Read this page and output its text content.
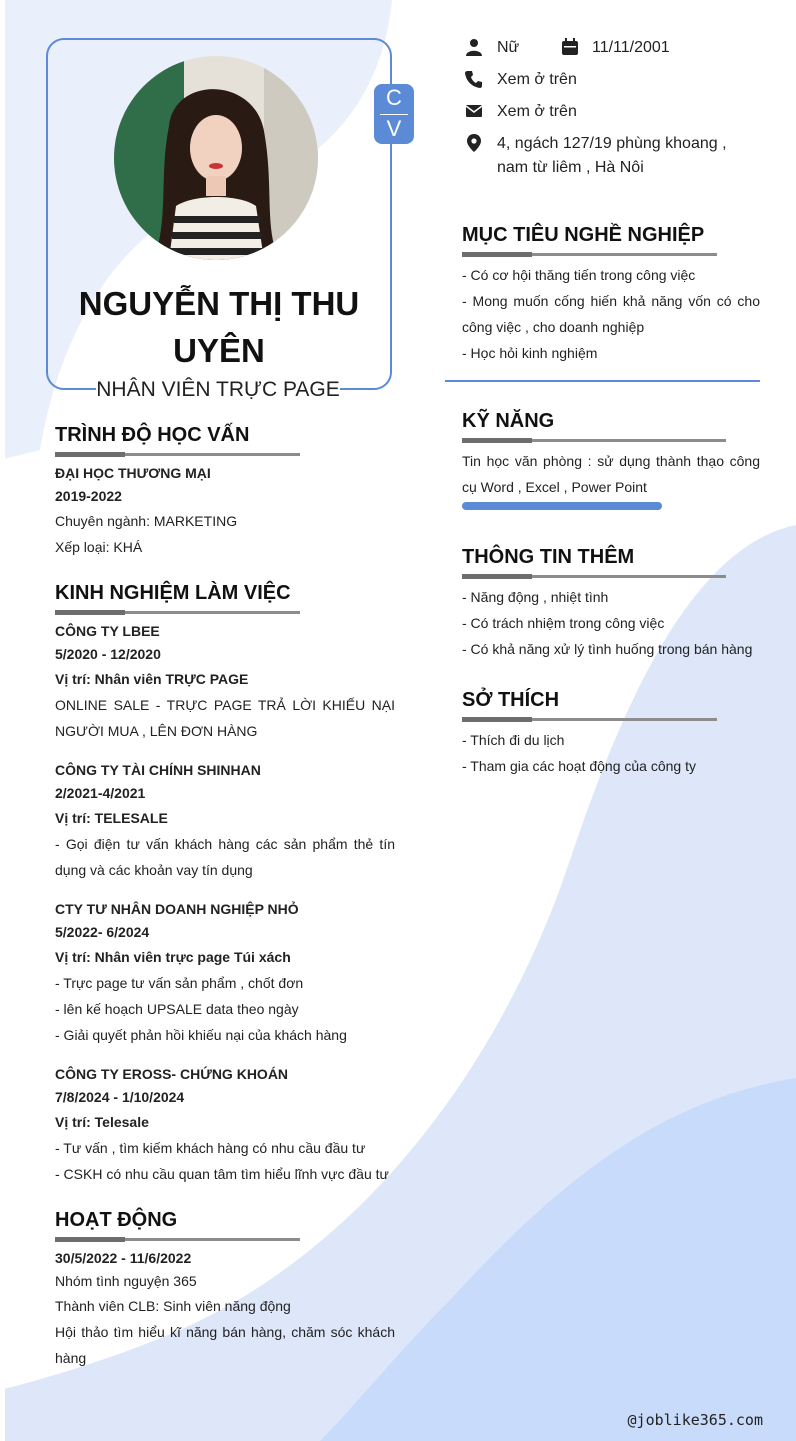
C
V
NGUYỄN THỊ THU UYÊN
NHÂN VIÊN TRỰC PAGE
Nữ	11/11/2001
Xem ở trên
Xem ở trên
4, ngách 127/19 phùng khoang ,
nam từ liêm , Hà Nôi
TRÌNH ĐỘ HỌC VẤN
ĐẠI HỌC THƯƠNG MẠI
2019-2022
Chuyên ngành: MARKETING
Xếp loại: KHÁ
KINH NGHIỆM LÀM VIỆC
CÔNG TY LBEE
5/2020 - 12/2020
Vị trí: Nhân viên TRỰC PAGE
ONLINE SALE - TRỰC PAGE TRẢ LỜI KHIẾU NẠI NGƯỜI MUA , LÊN ĐƠN HÀNG
CÔNG TY TÀI CHÍNH SHINHAN
2/2021-4/2021
Vị trí: TELESALE
- Gọi điện tư vấn khách hàng các sản phẩm thẻ tín dụng và các khoản vay tín dụng
CTY TƯ NHÂN DOANH NGHIỆP NHỎ
5/2022- 6/2024
Vị trí: Nhân viên trực page Túi xách
- Trực page tư vấn sản phẩm , chốt đơn
- lên kế hoạch UPSALE data theo ngày
- Giải quyết phản hồi khiếu nại của khách hàng
CÔNG TY EROSS- CHỨNG KHOÁN
7/8/2024 - 1/10/2024
Vị trí: Telesale
- Tư vấn , tìm kiếm khách hàng có nhu cầu đầu tư
- CSKH có nhu cầu quan tâm tìm hiểu lĩnh vực đầu tư
HOẠT ĐỘNG
30/5/2022 - 11/6/2022
Nhóm tình nguyện 365
Thành viên CLB: Sinh viên năng động
Hội thảo tìm hiểu kĩ năng bán hàng, chăm sóc khách hàng
MỤC TIÊU NGHỀ NGHIỆP
- Có cơ hội thăng tiến trong công việc
- Mong muốn cống hiến khả năng vốn có cho công việc , cho doanh nghiệp
- Học hỏi kinh nghiệm
KỸ NĂNG
Tin học văn phòng : sử dụng thành thạo công cụ Word , Excel , Power Point
THÔNG TIN THÊM
- Năng động , nhiệt tình
- Có trách nhiệm trong công việc
- Có khả năng xử lý tình huống trong bán hàng
SỞ THÍCH
- Thích đi du lịch
- Tham gia các hoạt động của công ty
@joblike365.com
